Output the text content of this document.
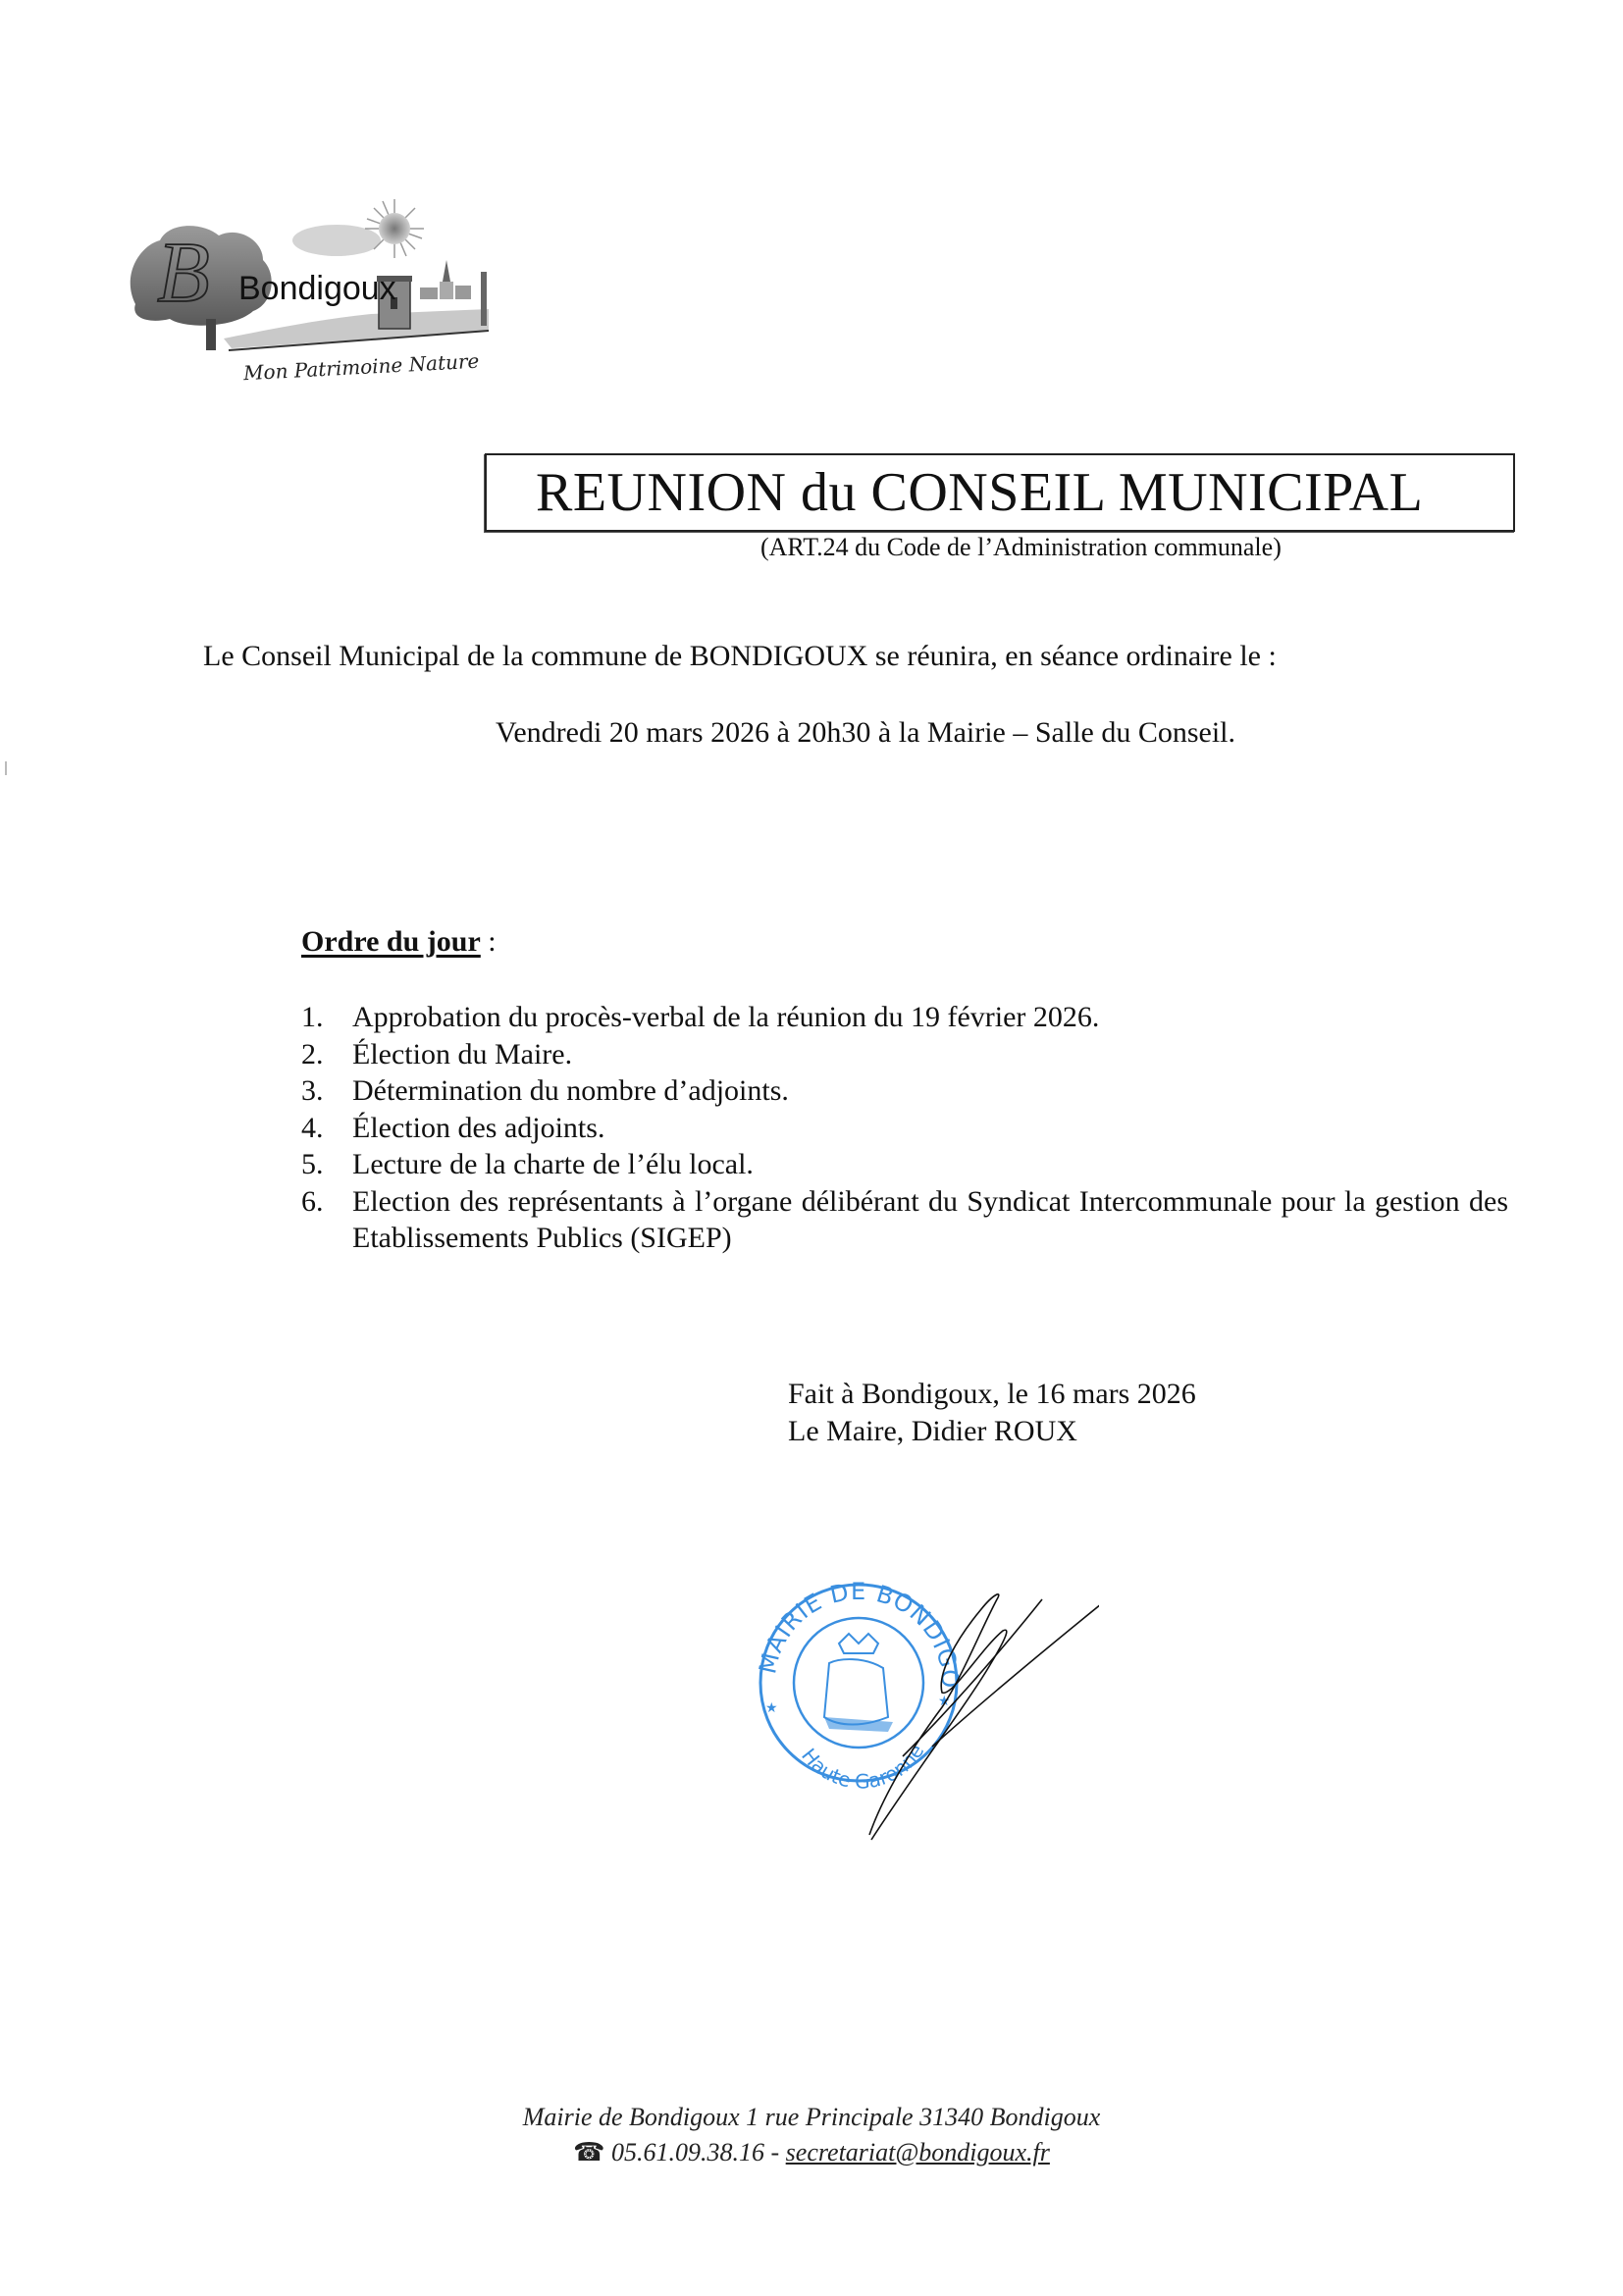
B Bondigoux
Mon Patrimoine Nature
REUNION du CONSEIL MUNICIPAL
(ART.24 du Code de l’Administration communale)
Le Conseil Municipal de la commune de BONDIGOUX se réunira, en séance ordinaire le :
Vendredi 20 mars 2026 à 20h30 à la Mairie – Salle du Conseil.
Ordre du jour :
1. Approbation du procès-verbal de la réunion du 19 février 2026.
2. Élection du Maire.
3. Détermination du nombre d’adjoints.
4. Élection des adjoints.
5. Lecture de la charte de l’élu local.
6. Election des représentants à l’organe délibérant du Syndicat Intercommunale pour la gestion des Etablissements Publics (SIGEP)
Fait à Bondigoux, le 16 mars 2026
Le Maire, Didier ROUX
★	★
MAIRIE DE BONDIGO
Haute Garonne
Mairie de Bondigoux 1 rue Principale 31340 Bondigoux
☎ 05.61.09.38.16 - secretariat@bondigoux.fr
